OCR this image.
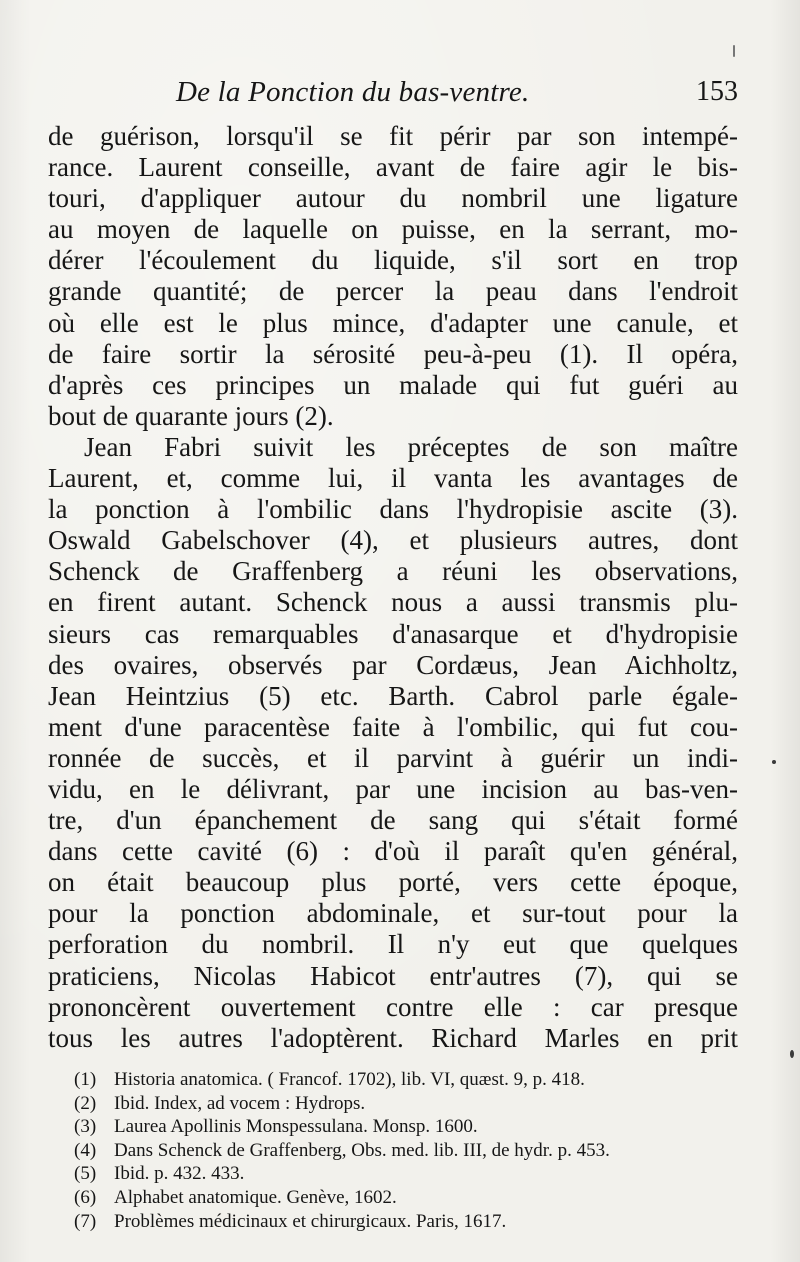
De la Ponction du bas-ventre.	153
de guérison, lorsqu'il se fit périr par son intempé-
rance. Laurent conseille, avant de faire agir le bis-
touri, d'appliquer autour du nombril une ligature
au moyen de laquelle on puisse, en la serrant, mo-
dérer l'écoulement du liquide, s'il sort en trop
grande quantité; de percer la peau dans l'endroit
où elle est le plus mince, d'adapter une canule, et
de faire sortir la sérosité peu-à-peu (1). Il opéra,
d'après ces principes un malade qui fut guéri au
bout de quarante jours (2).
Jean Fabri suivit les préceptes de son maître
Laurent, et, comme lui, il vanta les avantages de
la ponction à l'ombilic dans l'hydropisie ascite (3).
Oswald Gabelschover (4), et plusieurs autres, dont
Schenck de Graffenberg a réuni les observations,
en firent autant. Schenck nous a aussi transmis plu-
sieurs cas remarquables d'anasarque et d'hydropisie
des ovaires, observés par Cordæus, Jean Aichholtz,
Jean Heintzius (5) etc. Barth. Cabrol parle égale-
ment d'une paracentèse faite à l'ombilic, qui fut cou-
ronnée de succès, et il parvint à guérir un indi-
vidu, en le délivrant, par une incision au bas-ven-
tre, d'un épanchement de sang qui s'était formé
dans cette cavité (6) : d'où il paraît qu'en général,
on était beaucoup plus porté, vers cette époque,
pour la ponction abdominale, et sur-tout pour la
perforation du nombril. Il n'y eut que quelques
praticiens, Nicolas Habicot entr'autres (7), qui se
prononcèrent ouvertement contre elle : car presque
tous les autres l'adoptèrent. Richard Marles en prit
(1) Historia anatomica. ( Francof. 1702), lib. VI, quæst. 9, p. 418.
(2) Ibid. Index, ad vocem : Hydrops.
(3) Laurea Apollinis Monspessulana. Monsp. 1600.
(4) Dans Schenck de Graffenberg, Obs. med. lib. III, de hydr. p. 453.
(5) Ibid. p. 432. 433.
(6) Alphabet anatomique. Genève, 1602.
(7) Problèmes médicinaux et chirurgicaux. Paris, 1617.
